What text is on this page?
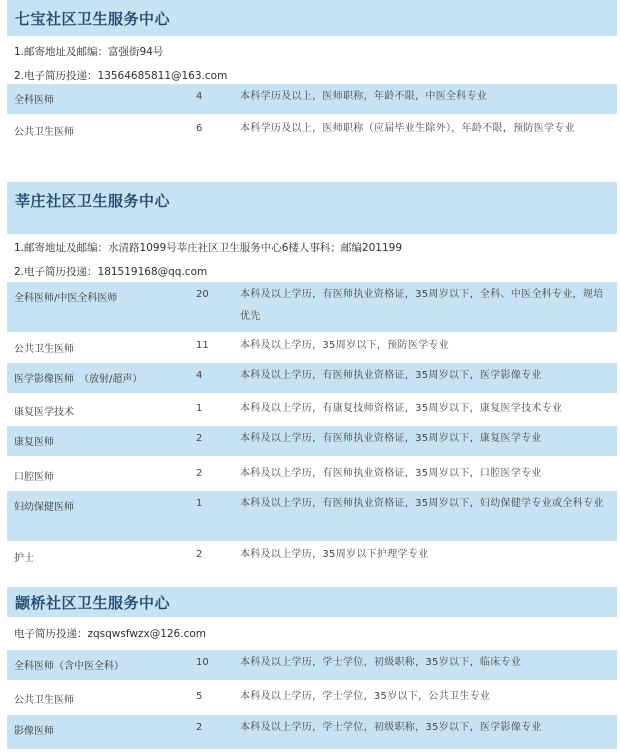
七宝社区卫生服务中心
1.邮寄地址及邮编：富强街94号
2.电子简历投递：13564685811@163.com
全科医师	4	本科学历及以上，医师职称，年龄不限，中医全科专业
公共卫生医师	6	本科学历及以上，医师职称（应届毕业生除外），年龄不限，预防医学专业
莘庄社区卫生服务中心
1.邮寄地址及邮编：水清路1099号莘庄社区卫生服务中心6楼人事科；邮编201199
2.电子简历投递：181519168@qq.com
全科医师/中医全科医师	20	本科及以上学历，有医师执业资格证，35周岁以下，全科、中医全科专业，规培优先
公共卫生医师	11	本科及以上学历，35周岁以下，预防医学专业
医学影像医师　（放射/超声）	4	本科及以上学历，有医师执业资格证，35周岁以下，医学影像专业
康复医学技术	1	本科及以上学历，有康复技师资格证，35周岁以下，康复医学技术专业
康复医师	2	本科及以上学历，有医师执业资格证，35周岁以下，康复医学专业
口腔医师	2	本科及以上学历，有医师执业资格证，35周岁以下，口腔医学专业
妇幼保健医师	1	本科及以上学历，有医师执业资格证，35周岁以下，妇幼保健学专业或全科专业
护士	2	本科及以上学历，35周岁以下护理学专业
颛桥社区卫生服务中心
电子简历投递：zqsqwsfwzx@126.com
全科医师（含中医全科）	10	本科及以上学历，学士学位，初级职称，35岁以下，临床专业
公共卫生医师	5	本科及以上学历，学士学位，35岁以下，公共卫生专业
影像医师	2	本科及以上学历，学士学位，初级职称，35岁以下，医学影像专业
